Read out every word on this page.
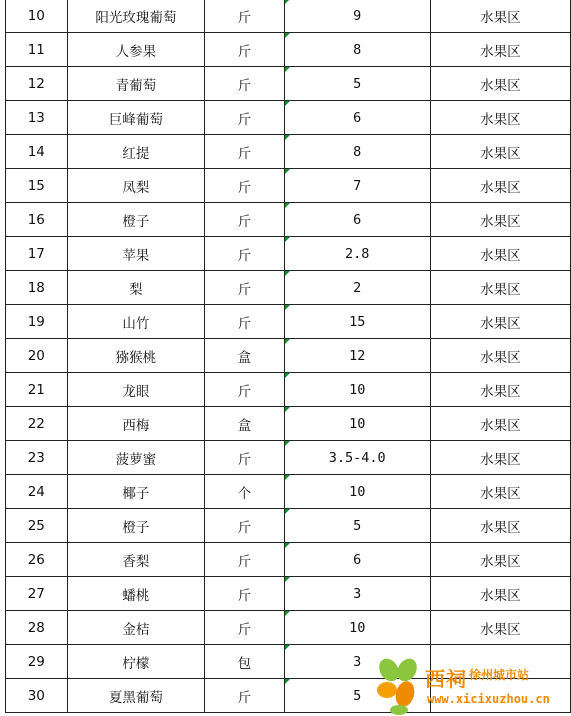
10	阳光玫瑰葡萄	斤	9	水果区
11	人参果	斤	8	水果区
12	青葡萄	斤	5	水果区
13	巨峰葡萄	斤	6	水果区
14	红提	斤	8	水果区
15	凤梨	斤	7	水果区
16	橙子	斤	6	水果区
17	苹果	斤	2.8	水果区
18	梨	斤	2	水果区
19	山竹	斤	15	水果区
20	猕猴桃	盒	12	水果区
21	龙眼	斤	10	水果区
22	西梅	盒	10	水果区
23	菠萝蜜	斤	3.5-4.0	水果区
24	椰子	个	10	水果区
25	橙子	斤	5	水果区
26	香梨	斤	6	水果区
27	蟠桃	斤	3	水果区
28	金桔	斤	10	水果区
29	柠檬	包	3	
30	夏黑葡萄	斤	5	
西祠 徐州城市站
www.xicixuzhou.cn
